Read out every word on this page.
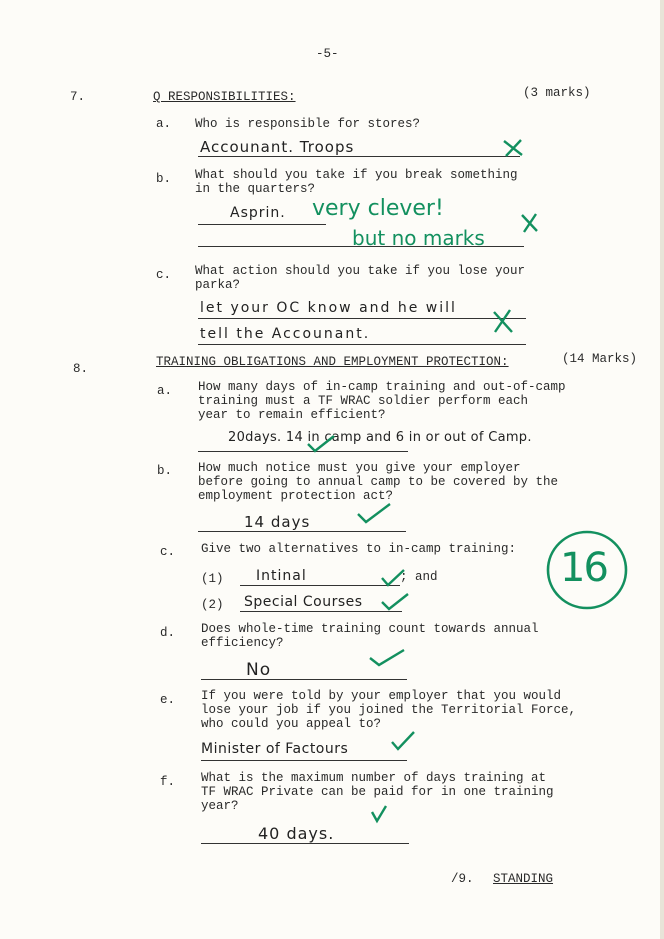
-5-
7.	Q RESPONSIBILITIES:	(3 marks)
a. Who is responsible for stores?
Accounant. Troops
b. What should you take if you break something
in the quarters?
Asprin. very clever!
but no marks
c. What action should you take if you lose your
parka?
let your OC know and he will
tell the Accounant.
8.	TRAINING OBLIGATIONS AND EMPLOYMENT PROTECTION:	(14 Marks)
a. How many days of in-camp training and out-of-camp
training must a TF WRAC soldier perform each
year to remain efficient?
20days. 14 in camp and 6 in or out of Camp.
b. How much notice must you give your employer
before going to annual camp to be covered by the
employment protection act?
14 days
c. Give two alternatives to in-camp training:
(1) Intinal	; and
(2) Special Courses
d. Does whole-time training count towards annual
efficiency?
No
e. If you were told by your employer that you would
lose your job if you joined the Territorial Force,
who could you appeal to?
Minister of Factours
f. What is the maximum number of days training at
TF WRAC Private can be paid for in one training
year?
40 days.
/9. STANDING
16
